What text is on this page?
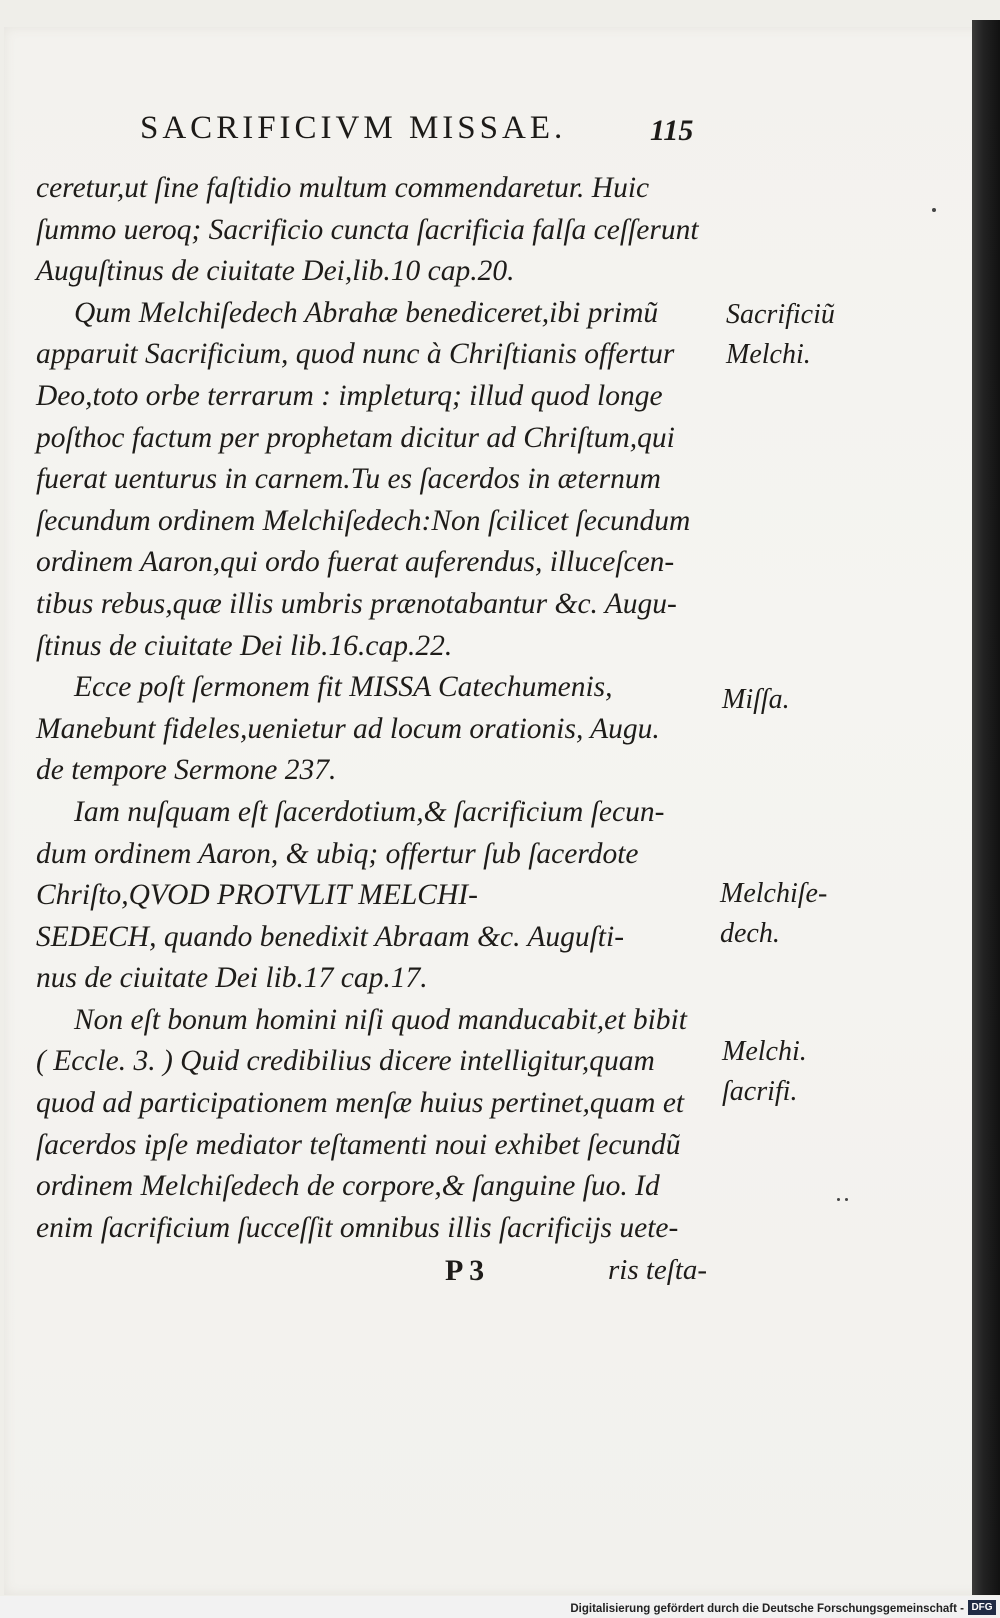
SACRIFICIVM MISSAE.	115
ceretur,ut ſine faſtidio multum commendaretur. Huic
ſummo ueroq; Sacrificio cuncta ſacrificia falſa ceſſerunt
Auguſtinus de ciuitate Dei,lib.10 cap.20.
Qum Melchiſedech Abrahæ benediceret,ibi primũ
apparuit Sacrificium, quod nunc à Chriſtianis offertur
Deo,toto orbe terrarum : impleturq; illud quod longe
poſthoc factum per prophetam dicitur ad Chriſtum,qui
fuerat uenturus in carnem.Tu es ſacerdos in æternum
ſecundum ordinem Melchiſedech:Non ſcilicet ſecundum
ordinem Aaron,qui ordo fuerat auferendus, illuceſcen-
tibus rebus,quæ illis umbris prænotabantur &c. Augu-
ſtinus de ciuitate Dei lib.16.cap.22.
Ecce poſt ſermonem fit MISSA Catechumenis,
Manebunt fideles,uenietur ad locum orationis, Augu.
de tempore Sermone 237.
Iam nuſquam eſt ſacerdotium,& ſacrificium ſecun-
dum ordinem Aaron, & ubiq; offertur ſub ſacerdote
Chriſto,QVOD PROTVLIT MELCHI-
SEDECH, quando benedixit Abraam &c. Auguſti-
nus de ciuitate Dei lib.17 cap.17.
Non eſt bonum homini niſi quod manducabit,et bibit
( Eccle. 3. ) Quid credibilius dicere intelligitur,quam
quod ad participationem menſæ huius pertinet,quam et
ſacerdos ipſe mediator teſtamenti noui exhibet ſecundũ
ordinem Melchiſedech de corpore,& ſanguine ſuo. Id
enim ſacrificium ſucceſſit omnibus illis ſacrificijs uete-
Sacrificiũ
Melchi.
Miſſa.
Melchiſe-
dech.
Melchi.
ſacrifi.
P 3	ris teſta-
Digitalisierung gefördert durch die Deutsche Forschungsgemeinschaft - DFG
